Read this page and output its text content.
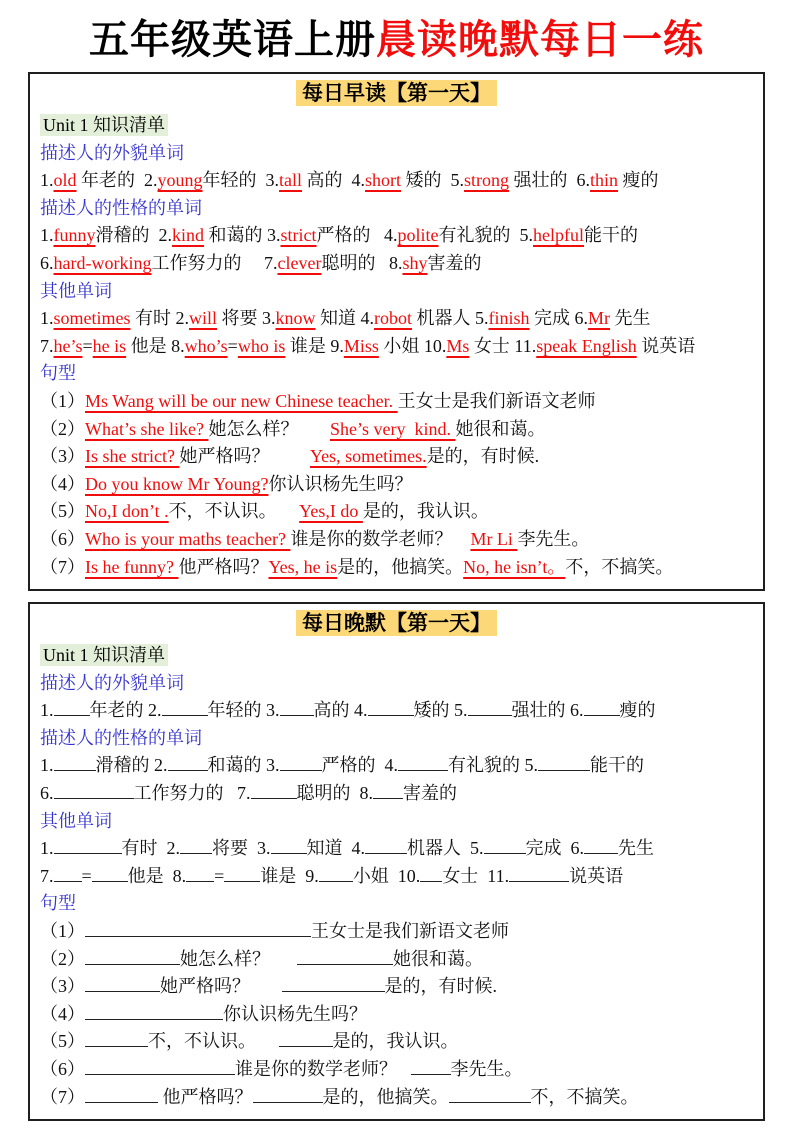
五年级英语上册晨读晚默每日一练
每日早读【第一天】
Unit 1 知识清单
描述人的外貌单词
1.old 年老的  2.young年轻的  3.tall 高的  4.short 矮的  5.strong 强壮的  6.thin 瘦的
描述人的性格的单词
1.funny滑稽的  2.kind 和蔼的 3.strict严格的   4.polite有礼貌的  5.helpful能干的
6.hard-working工作努力的     7.clever聪明的   8.shy害羞的
其他单词
1.sometimes 有时 2.will 将要 3.know 知道 4.robot 机器人 5.finish 完成 6.Mr 先生
7.he’s=he is 他是 8.who’s=who is 谁是 9.Miss 小姐 10.Ms 女士 11.speak English 说英语
句型
（1）Ms Wang will be our new Chinese teacher. 王女士是我们新语文老师
（2）What’s she like? 她怎么样？       She’s very  kind. 她很和蔼。
（3）Is she strict? 她严格吗？         Yes, sometimes.是的，有时候.
（4）Do you know Mr Young?你认识杨先生吗？
（5）No,I don’t .不，不认识。     Yes,I do 是的，我认识。
（6）Who is your maths teacher? 谁是你的数学老师？    Mr Li 李先生。
（7）Is he funny? 他严格吗？Yes, he is是的，他搞笑。No, he isn’t。不，不搞笑。
每日晚默【第一天】
Unit 1 知识清单
描述人的外貌单词
1. 年老的 2.	年轻的 3. 高的 4.	矮的 5. 强壮的 6. 瘦的
描述人的性格的单词
1. 滑稽的 2. 和蔼的 3. 严格的  4.	有礼貌的 5.	能干的
6.	工作努力的   7.	聪明的  8. 害羞的
其他单词
1.	有时  2. 将要  3. 知道  4. 机器人  5. 完成  6. 先生
7. = 他是  8. = 谁是  9. 小姐  10. 女士  11.	说英语
句型
（1）	王女士是我们新语文老师
（2）	她怎么样？	她很和蔼。
（3）	她严格吗？	是的，有时候.
（4）	你认识杨先生吗？
（5）	不，不认识。	是的，我认识。
（6）	谁是你的数学老师？   李先生。
（7）	他严格吗？	是的，他搞笑。	不，不搞笑。
